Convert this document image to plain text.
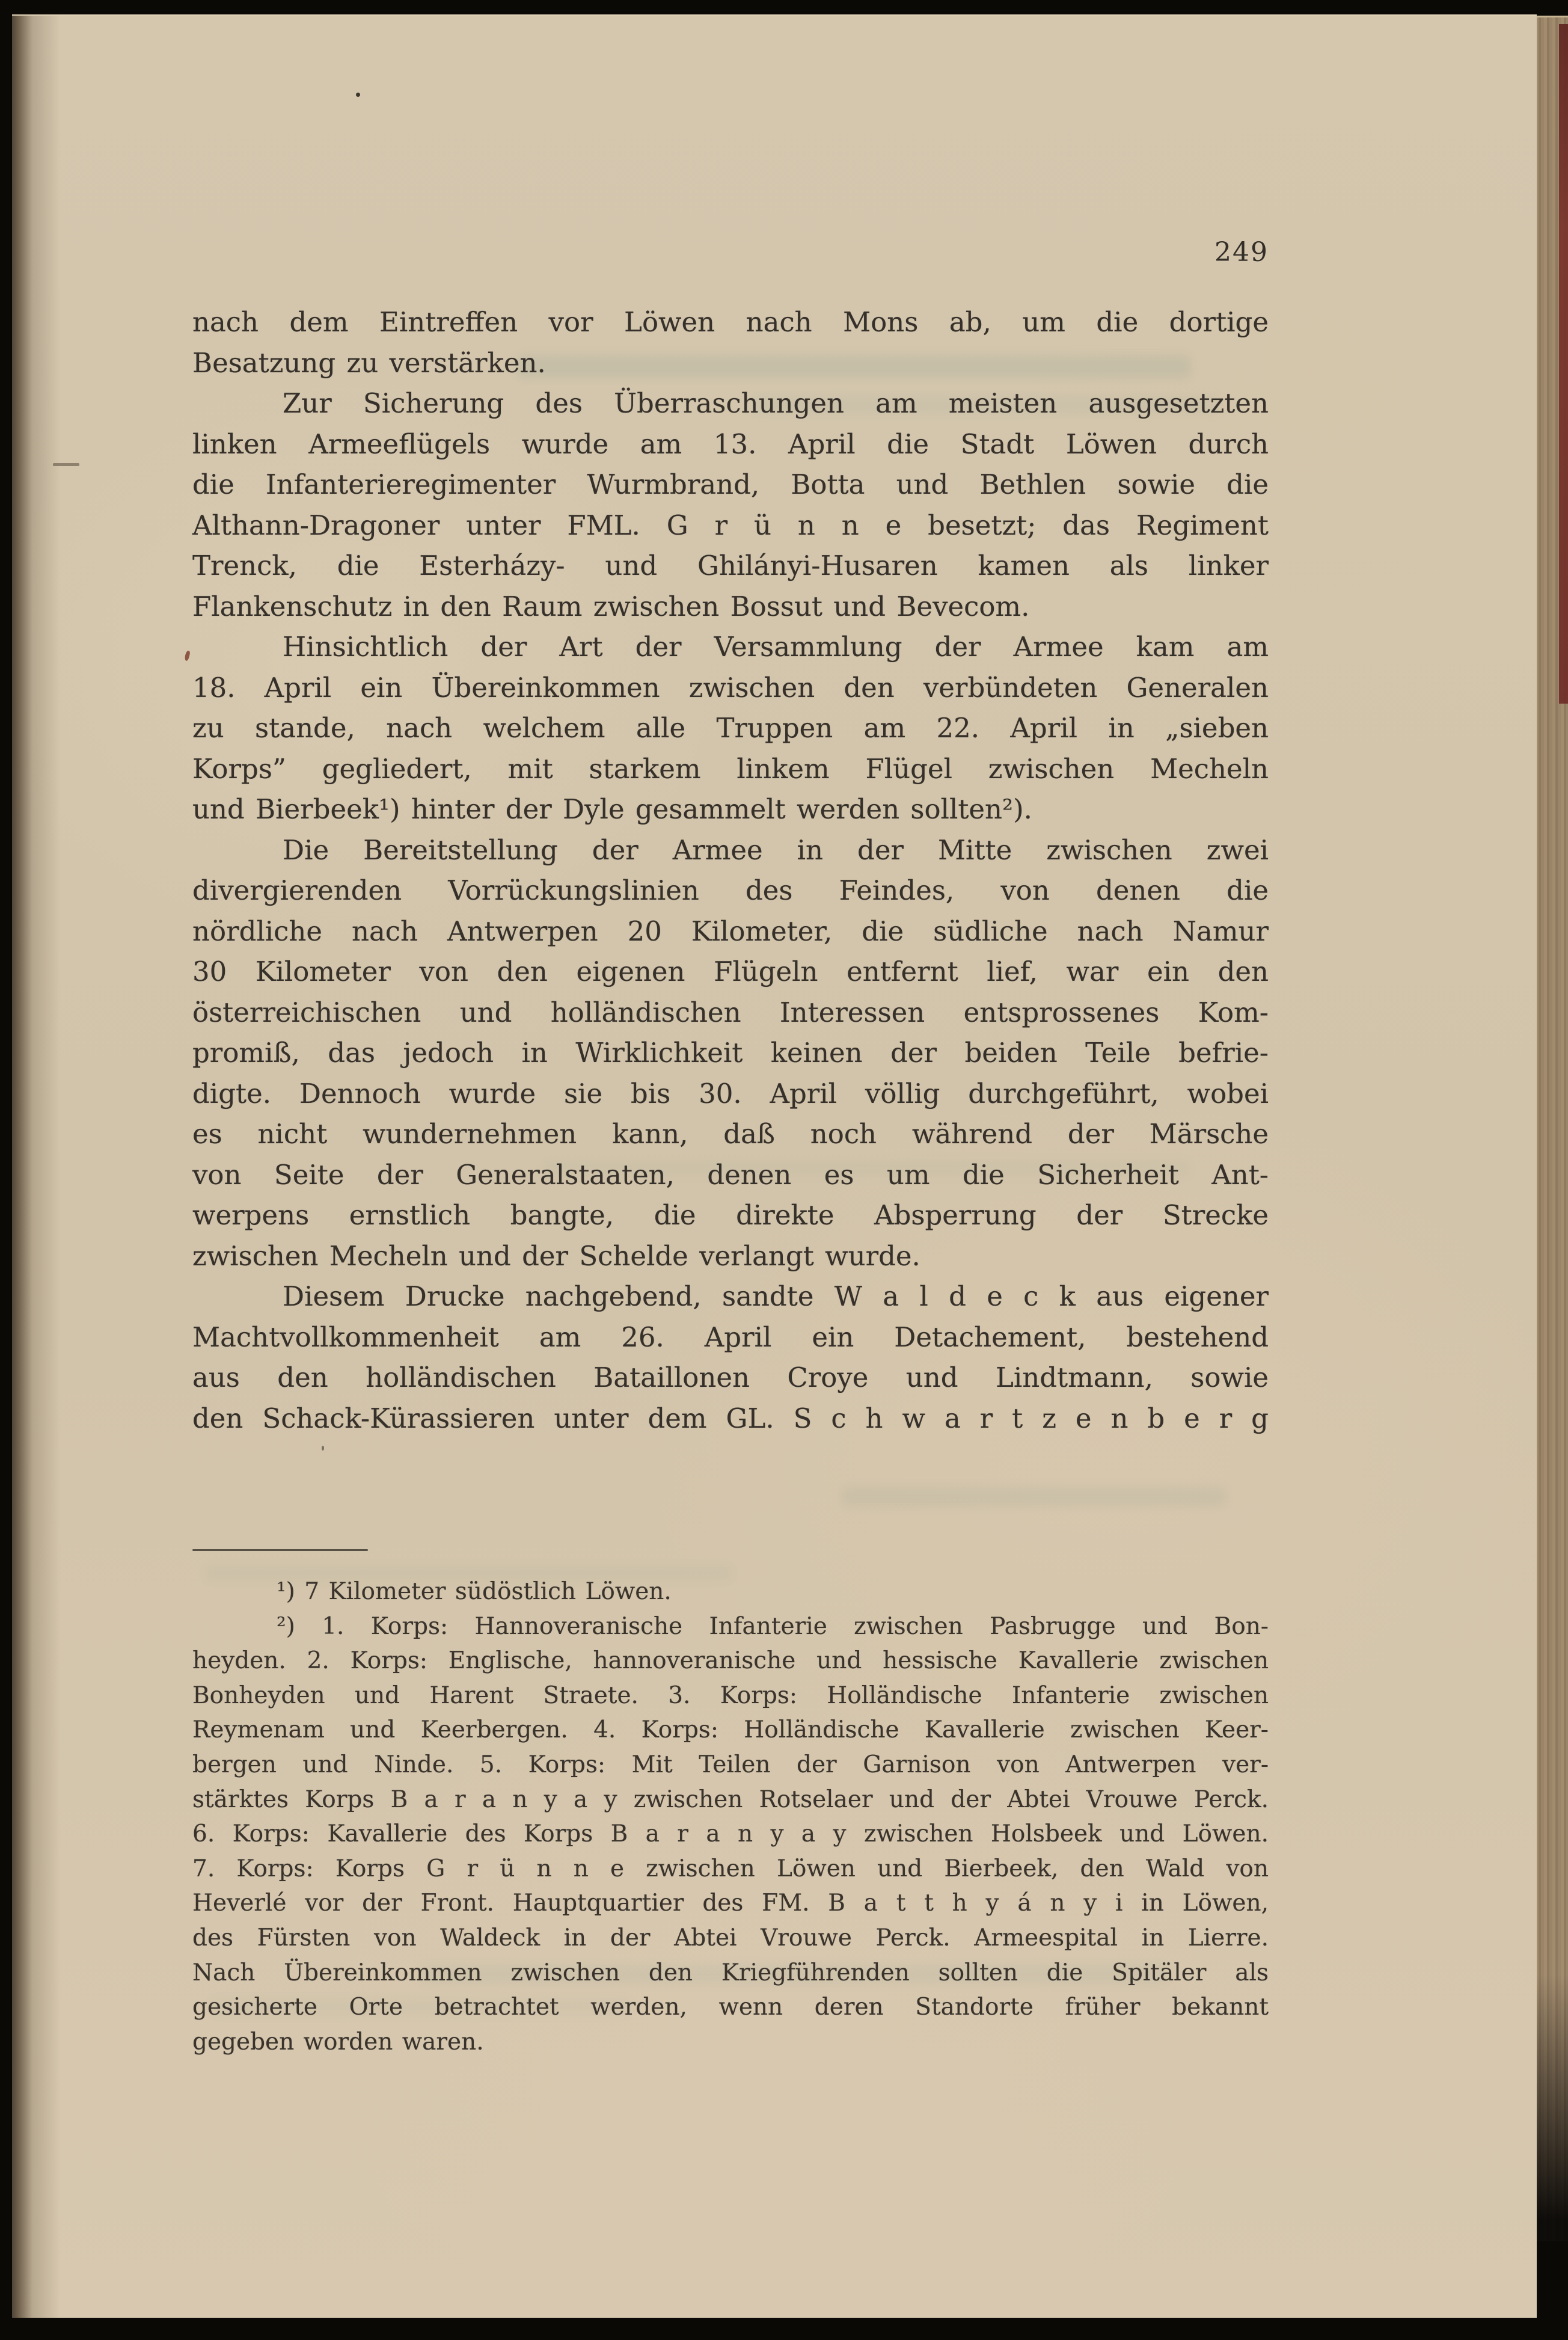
249
nach dem Eintreffen vor Löwen nach Mons ab, um die dortige
Besatzung zu verstärken.
Zur Sicherung des Überraschungen am meisten ausgesetzten
linken Armeeflügels wurde am 13. April die Stadt Löwen durch
die Infanterieregimenter Wurmbrand, Botta und Bethlen sowie die
Althann-Dragoner unter FML. G r ü n n e besetzt; das Regiment
Trenck, die Esterházy- und Ghilányi-Husaren kamen als linker
Flankenschutz in den Raum zwischen Bossut und Bevecom.
Hinsichtlich der Art der Versammlung der Armee kam am
18. April ein Übereinkommen zwischen den verbündeten Generalen
zu stande, nach welchem alle Truppen am 22. April in „sieben
Korps” gegliedert, mit starkem linkem Flügel zwischen Mecheln
und Bierbeek¹) hinter der Dyle gesammelt werden sollten²).
Die Bereitstellung der Armee in der Mitte zwischen zwei
divergierenden Vorrückungslinien des Feindes, von denen die
nördliche nach Antwerpen 20 Kilometer, die südliche nach Namur
30 Kilometer von den eigenen Flügeln entfernt lief, war ein den
österreichischen und holländischen Interessen entsprossenes Kom-
promiß, das jedoch in Wirklichkeit keinen der beiden Teile befrie-
digte. Dennoch wurde sie bis 30. April völlig durchgeführt, wobei
es nicht wundernehmen kann, daß noch während der Märsche
von Seite der Generalstaaten, denen es um die Sicherheit Ant-
werpens ernstlich bangte, die direkte Absperrung der Strecke
zwischen Mecheln und der Schelde verlangt wurde.
Diesem Drucke nachgebend, sandte W a l d e c k aus eigener
Machtvollkommenheit am 26. April ein Detachement, bestehend
aus den holländischen Bataillonen Croye und Lindtmann, sowie
den Schack-Kürassieren unter dem GL. S c h w a r t z e n b e r g
¹) 7 Kilometer südöstlich Löwen.
²) 1. Korps: Hannoveranische Infanterie zwischen Pasbrugge und Bon-
heyden. 2. Korps: Englische, hannoveranische und hessische Kavallerie zwischen
Bonheyden und Harent Straete. 3. Korps: Holländische Infanterie zwischen
Reymenam und Keerbergen. 4. Korps: Holländische Kavallerie zwischen Keer-
bergen und Ninde. 5. Korps: Mit Teilen der Garnison von Antwerpen ver-
stärktes Korps B a r a n y a y zwischen Rotselaer und der Abtei Vrouwe Perck.
6. Korps: Kavallerie des Korps B a r a n y a y zwischen Holsbeek und Löwen.
7. Korps: Korps G r ü n n e zwischen Löwen und Bierbeek, den Wald von
Heverlé vor der Front. Hauptquartier des FM. B a t t h y á n y i in Löwen,
des Fürsten von Waldeck in der Abtei Vrouwe Perck. Armeespital in Lierre.
Nach Übereinkommen zwischen den Kriegführenden sollten die Spitäler als
gesicherte Orte betrachtet werden, wenn deren Standorte früher bekannt
gegeben worden waren.
